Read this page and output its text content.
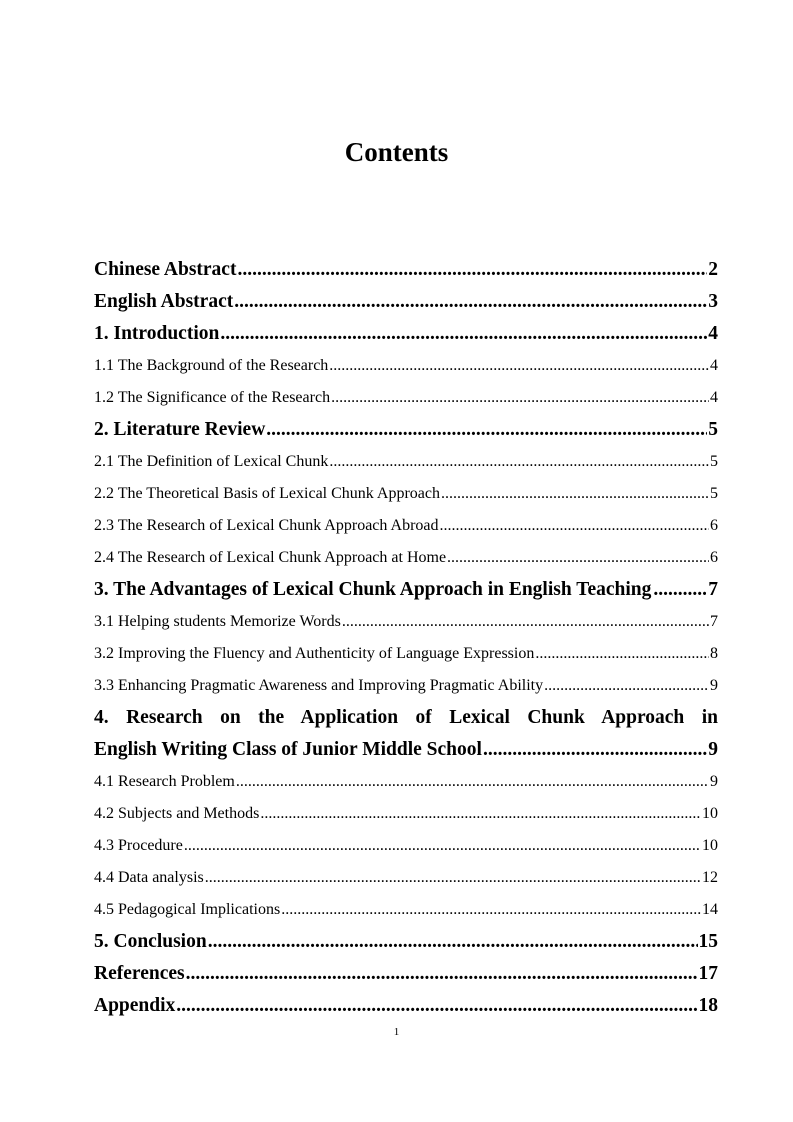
Contents
Chinese Abstract .....	2
English Abstract .....	3
1. Introduction .....	4
1.1 The Background of the Research .....	4
1.2 The Significance of the Research .....	4
2. Literature Review .....	5
2.1 The Definition of Lexical Chunk .....	5
2.2 The Theoretical Basis of Lexical Chunk Approach .....	5
2.3 The Research of Lexical Chunk Approach Abroad .....	6
2.4 The Research of Lexical Chunk Approach at Home .....	6
3. The Advantages of Lexical Chunk Approach in English Teaching .....	7
3.1 Helping students Memorize Words .....	7
3.2 Improving the Fluency and Authenticity of Language Expression .....	8
3.3 Enhancing Pragmatic Awareness and Improving Pragmatic Ability .....	9
4. Research on the Application of Lexical Chunk Approach in
English Writing Class of Junior Middle School .....	9
4.1 Research Problem .....	9
4.2 Subjects and Methods .....	10
4.3 Procedure .....	10
4.4 Data analysis .....	12
4.5 Pedagogical Implications .....	14
5. Conclusion .....	15
References .....	17
Appendix .....	18
1
